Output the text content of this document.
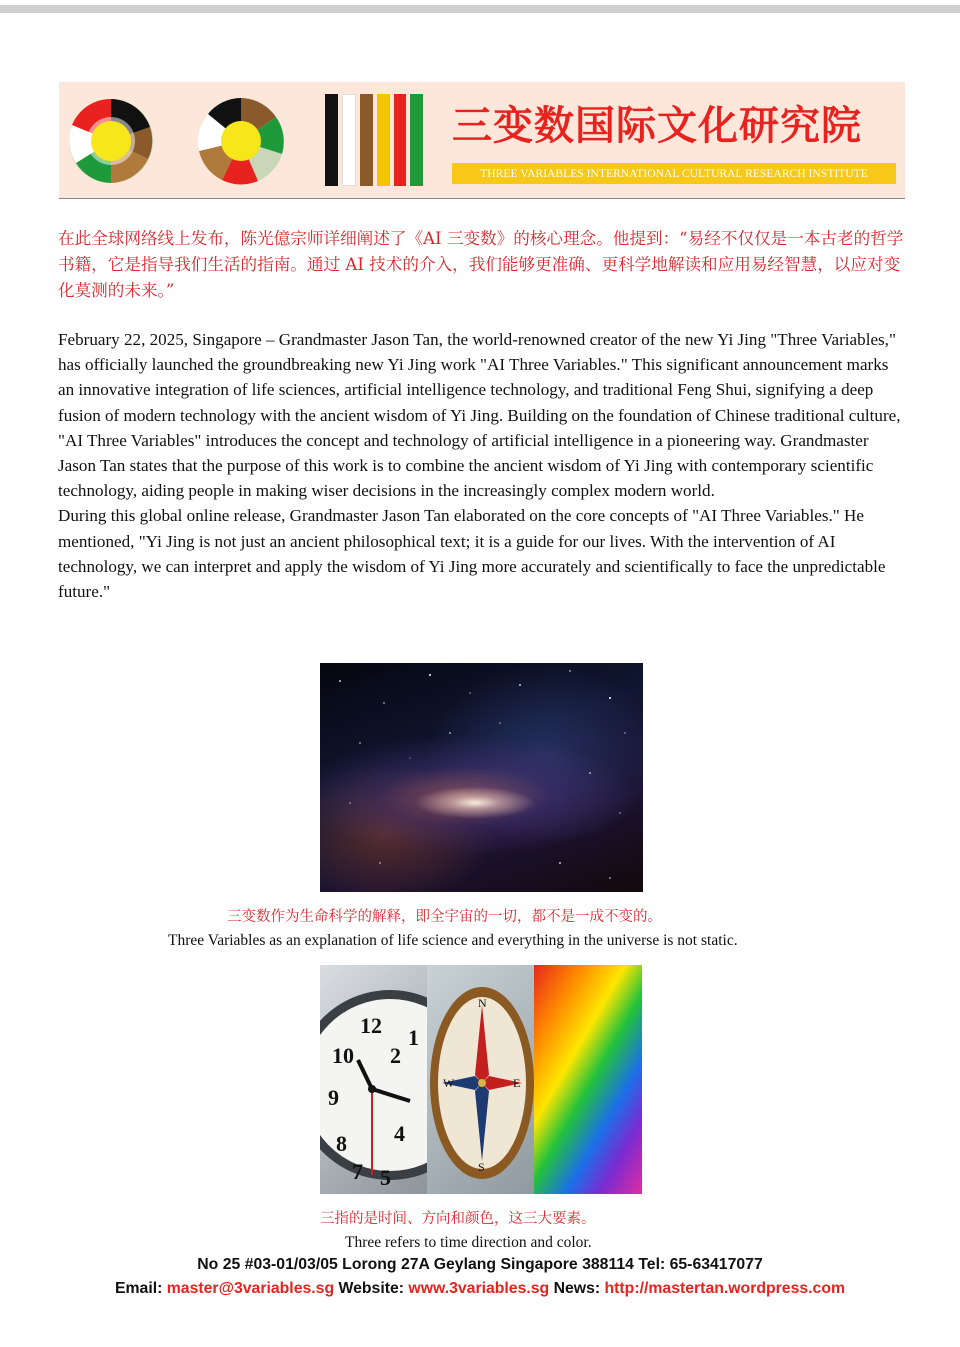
三变数国际文化研究院
THREE VARIABLES INTERNATIONAL CULTURAL RESEARCH INSTITUTE
在此全球网络线上发布，陈光億宗师详细阐述了《AI 三变数》的核心理念。他提到：“易经不仅仅是一本古老的哲学书籍，它是指导我们生活的指南。通过 AI 技术的介入，我们能够更准确、更科学地解读和应用易经智慧，以应对变化莫测的未来。”

February 22, 2025, Singapore – Grandmaster Jason Tan, the world-renowned creator of the new Yi Jing "Three Variables," has officially launched the groundbreaking new Yi Jing work "AI Three Variables." This significant announcement marks an innovative integration of life sciences, artificial intelligence technology, and traditional Feng Shui, signifying a deep fusion of modern technology with the ancient wisdom of Yi Jing. Building on the foundation of Chinese traditional culture, "AI Three Variables" introduces the concept and technology of artificial intelligence in a pioneering way. Grandmaster Jason Tan states that the purpose of this work is to combine the ancient wisdom of Yi Jing with contemporary scientific technology, aiding people in making wiser decisions in the increasingly complex modern world.

During this global online release, Grandmaster Jason Tan elaborated on the core concepts of "AI Three Variables." He mentioned, "Yi Jing is not just an ancient philosophical text; it is a guide for our lives. With the intervention of AI technology, we can interpret and apply the wisdom of Yi Jing more accurately and scientifically to face the unpredictable future."

三变数作为生命科学的解释，即全宇宙的一切，都不是一成不变的。
Three Variables as an explanation of life science and everything in the universe is not static.
12 1
2
10
9
8
7 5
4
N
E
S
W
三指的是时间、方向和颜色，这三大要素。
Three refers to time direction and color.
No 25 #03-01/03/05 Lorong 27A Geylang Singapore 388114 Tel: 65-63417077
Email: master@3variables.sg Website: www.3variables.sg News: http://mastertan.wordpress.com
